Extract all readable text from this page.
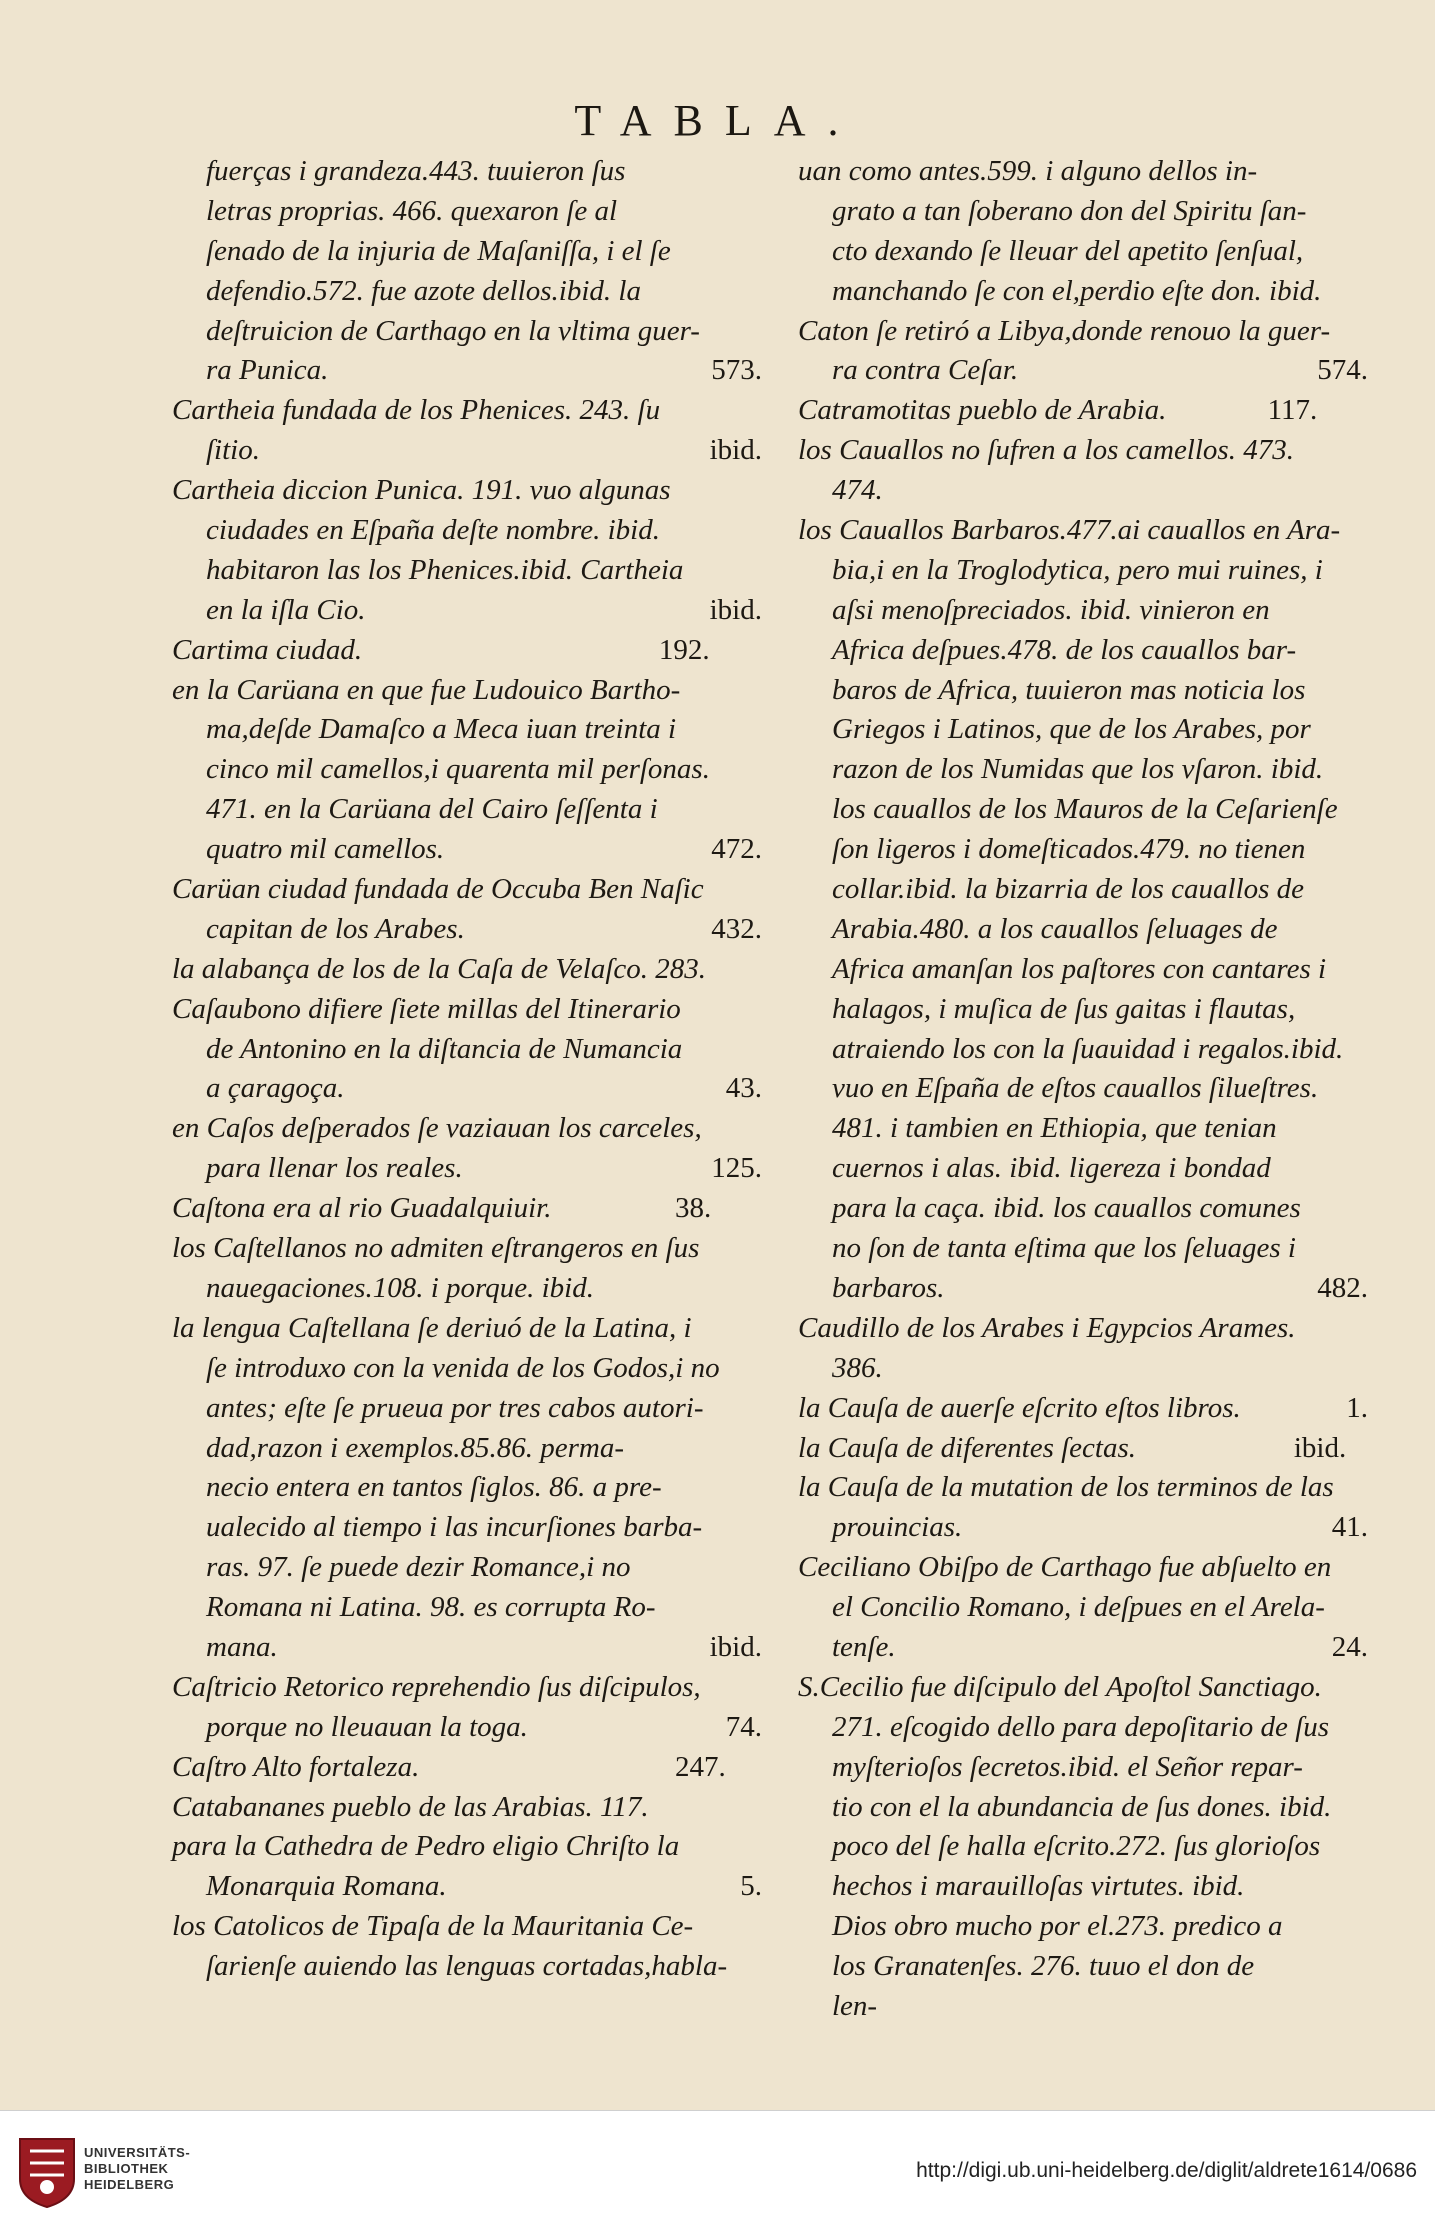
TABLA.
fuerças i grandeza.443. tuuieron ſus
letras proprias. 466. quexaron ſe al
ſenado de la injuria de Maſaniſſa, i el ſe
defendio.572. fue azote dellos.ibid. la
deſtruicion de Carthago en la vltima guer-
573.
ra Punica.
Cartheia fundada de los Phenices. 243. ſu
ibid.
ſitio.
Cartheia diccion Punica. 191. vuo algunas
ciudades en Eſpaña deſte nombre. ibid.
habitaron las los Phenices.ibid. Cartheia
ibid.
en la iſla Cio.
192.
Cartima ciudad.
en la Carüana en que fue Ludouico Bartho-
ma,deſde Damaſco a Meca iuan treinta i
cinco mil camellos,i quarenta mil perſonas.
471. en la Carüana del Cairo ſeſſenta i
472.
quatro mil camellos.
Carüan ciudad fundada de Occuba Ben Naſic
432.
capitan de los Arabes.
la alabança de los de la Caſa de Velaſco. 283.
Caſaubono difiere ſiete millas del Itinerario
de Antonino en la diſtancia de Numancia
43.
a çaragoça.
en Caſos deſperados ſe vaziauan los carceles,
125.
para llenar los reales.
38.
Caſtona era al rio Guadalquiuir.
los Caſtellanos no admiten eſtrangeros en ſus
nauegaciones.108. i porque. ibid.
la lengua Caſtellana ſe deriuó de la Latina, i
ſe introduxo con la venida de los Godos,i no
antes; eſte ſe prueua por tres cabos autori-
dad,razon i exemplos.85.86. perma-
necio entera en tantos ſiglos. 86. a pre-
ualecido al tiempo i las incurſiones barba-
ras. 97. ſe puede dezir Romance,i no
Romana ni Latina. 98. es corrupta Ro-
ibid.
mana.
Caſtricio Retorico reprehendio ſus diſcipulos,
74.
porque no lleuauan la toga.
247.
Caſtro Alto fortaleza.
Catabananes pueblo de las Arabias. 117.
para la Cathedra de Pedro eligio Chriſto la
5.
Monarquia Romana.
los Catolicos de Tipaſa de la Mauritania Ce-
ſarienſe auiendo las lenguas cortadas,habla-
uan como antes.599. i alguno dellos in-
grato a tan ſoberano don del Spiritu ſan-
cto dexando ſe lleuar del apetito ſenſual,
manchando ſe con el,perdio eſte don. ibid.
Caton ſe retiró a Libya,donde renouo la guer-
574.
ra contra Ceſar.
117.
Catramotitas pueblo de Arabia.
los Cauallos no ſufren a los camellos. 473.
474.
los Cauallos Barbaros.477.ai cauallos en Ara-
bia,i en la Troglodytica, pero mui ruines, i
aſsi menoſpreciados. ibid. vinieron en
Africa deſpues.478. de los cauallos bar-
baros de Africa, tuuieron mas noticia los
Griegos i Latinos, que de los Arabes, por
razon de los Numidas que los vſaron. ibid.
los cauallos de los Mauros de la Ceſarienſe
ſon ligeros i domeſticados.479. no tienen
collar.ibid. la bizarria de los cauallos de
Arabia.480. a los cauallos ſeluages de
Africa amanſan los paſtores con cantares i
halagos, i muſica de ſus gaitas i flautas,
atraiendo los con la ſuauidad i regalos.ibid.
vuo en Eſpaña de eſtos cauallos ſilueſtres.
481. i tambien en Ethiopia, que tenian
cuernos i alas. ibid. ligereza i bondad
para la caça. ibid. los cauallos comunes
no ſon de tanta eſtima que los ſeluages i
482.
barbaros.
Caudillo de los Arabes i Egypcios Arames.
386.
1.
la Cauſa de auerſe eſcrito eſtos libros.
ibid.
la Cauſa de diferentes ſectas.
la Cauſa de la mutation de los terminos de las
41.
prouincias.
Ceciliano Obiſpo de Carthago fue abſuelto en
el Concilio Romano, i deſpues en el Arela-
24.
tenſe.
S.Cecilio fue diſcipulo del Apoſtol Sanctiago.
271. eſcogido dello para depoſitario de ſus
myſterioſos ſecretos.ibid. el Señor repar-
tio con el la abundancia de ſus dones. ibid.
poco del ſe halla eſcrito.272. ſus glorioſos
hechos i marauilloſas virtutes. ibid.
Dios obro mucho por el.273. predico a
los Granatenſes. 276. tuuo el don de
len-
UNIVERSITÄTS-
BIBLIOTHEK
HEIDELBERG
http://digi.ub.uni-heidelberg.de/diglit/aldrete1614/0686
